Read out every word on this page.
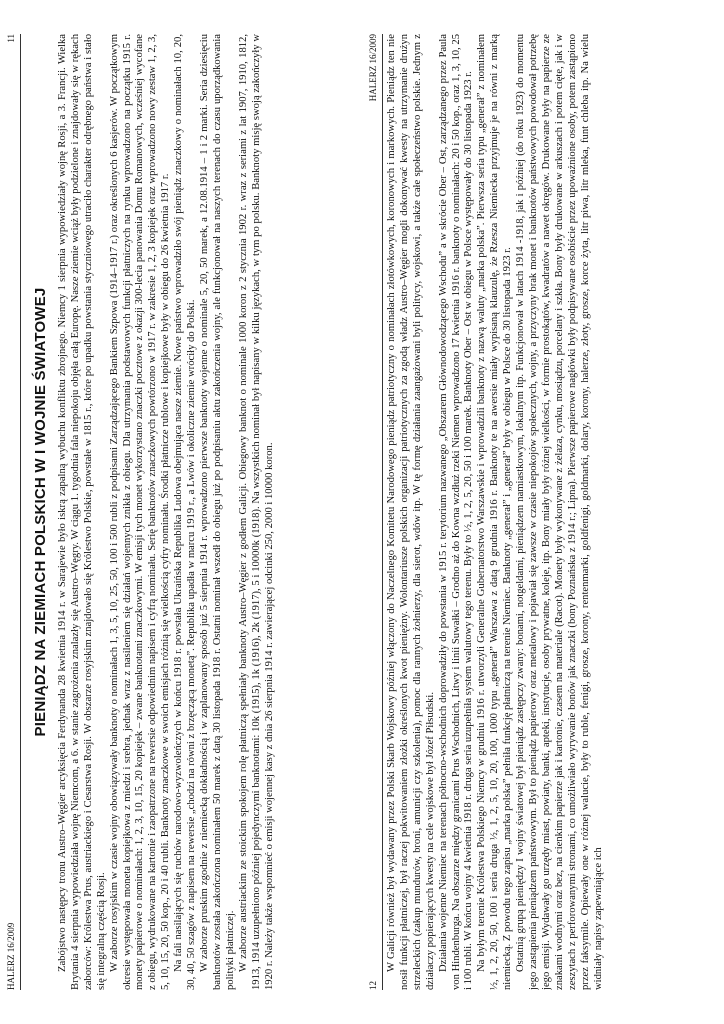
HALERZ 16/2009
11
PIENIĄDZ NA ZIEMIACH POLSKICH W I WOJNIE ŚWIATOWEJ Zabójstwo następcy tronu Austro–Węgier arcyksięcia Ferdynanda 28 kwietnia 1914 r. w Sarajewie było iskrą zapalną wybuchu konfliktu zbrojnego. Niemcy 1 sierpnia wypowiedziały wojnę Rosji, a 3. Francji. Wielka Brytania 4 sierpnia wypowiedziała wojnę Niemcom, a 6. w stanie zagrożenia znalazły się Austro–Węgry. W ciągu 1. tygodnia fala niepokoju objęła całą Europę. Nasze ziemie wciąż były podzielone i znajdowały się w rękach zaborców: Królestwa Prus, austriackiego i Cesarstwa Rosji. W obszarze rosyjskim znajdowało się Królestwo Polskie, powstałe w 1815 r., które po upadku powstania styczniowego utraciło charakter odrębnego państwa i stało się integralną częścią Rosji. W zaborze rosyjskim w czasie wojny obowiązywały banknoty o nominałach 1, 3, 5, 10, 25, 50, 100 i 500 rubli z podpisami Zarządzającego Bankiem Szpowa (1914–1917 r.) oraz określonych 6 kasjerów. W początkowym okresie występowała moneta kopiejkowa z miedzi i srebra, jednak wraz z nasileniem się działań wojennych znikła z obiegu. Dla utrzymania podstawowych funkcji płatniczych na rynku wprowadzono na początku 1915 r. monety papierowe o nominałach: 1, 2, 3, 10, 15, 20 kopiejek – zwane banknotami znaczkowymi. W emisji tych monet wykorzystano znaczki pocztowe z okazji 300-lecia panowania Domu Romanowych, wcześniej wycofane z obiegu, wydrukowane na kartonie i zaopatrzone na rewersie odpowiednim napisem i cyfrą nominału. Serię banknotów znaczkowych powtórzono w 1917 r. w zakresie 1, 2, 3 kopiejek oraz wprowadzono nowy zestaw 1, 2, 3, 5, 10, 15, 20, 50 kop., 20 i 40 rubli. Banknoty znaczkowe w swoich emisjach różnią się wielkością cyfry nominału. Środki płatnicze rublowe i kopiejkowe były w obiegu do 26 kwietnia 1917 r. Na fali nasilających się ruchów narodowo-wyzwoleńczych w końcu 1918 r. powstała Ukraińska Republika Ludowa obejmująca nasze ziemie. Nowe państwo wprowadziło swój pieniądz znaczkowy o nominałach 10, 20, 30, 40, 50 szagów z napisem na rewersie „chodzi na równi z brzęczącą monetą”. Republika upadła w marcu 1919 r., a Lwów i okoliczne ziemie wróciły do Polski. W zaborze pruskim zgodnie z niemiecką dokładnością i w zaplanowany sposób już 5 sierpnia 1914 r. wprowadzono pierwsze banknoty wojenne o nominale 5, 20, 50 marek, a 12.08.1914 – 1 i 2 marki. Seria dziesięciu banknotów została zakończona nominałem 50 marek z datą 30 listopada 1918 r. Ostatni nominał wszedł do obiegu już po podpisaniu aktu zakończenia wojny, ale funkcjonował na naszych terenach do czasu uporządkowania polityki płatniczej. W zaborze austriackim ze stoickim spokojem rolę płatniczą spełniały banknoty Austro–Węgier z godłem Galicji. Obiegowy banknot o nominale 1000 koron z 2 stycznia 1902 r. wraz z seriami z lat 1907, 1910, 1812, 1913, 1914 uzupełniono później pojedynczymi banknotami: 10k (1915), 1k (1916), 2k (1917), 5 i 10000k (1918). Na wszystkich nominał był napisany w kilku językach, w tym po polsku. Banknoty misję swoją zakończyły w 1920 r. Należy także wspomnieć o emisji wojennej kasy z dnia 26 sierpnia 1914 r. zawierającej odcinki 250, 2000 i 10000 koron.	12
HALERZ 16/2009 W Galicji również był wydawany przez Polski Skarb Wojskowy później włączony do Naczelnego Komitetu Narodowego pieniądz patriotyczny o nominałach złotówkowych, koronowych i markowych. Pieniądz ten nie nosił funkcji płatniczej, był raczej pokwitowaniem złożki określonych kwot pieniężny. Wolontariusze polskich organizacji patriotycznych za zgodą władz Austro–Węgier mogli dokonywać kwesty na utrzymanie drużyn strzeleckich (zakup mundurów, broni, amunicji czy szkolenia), pomoc dla rannych żołnierzy, dla sierot, wdów itp. W tę formę działania zaangażowani byli politycy, wojskowi, a także całe społeczeństwo polskie. Jednym z działaczy popierających kwesty na cele wojskowe był Józef Piłsudski. Działania wojenne Niemiec na terenach północno-wschodnich doprowadziły do powstania w 1915 r. terytorium nazwanego „Obszarem Głównodowodzącego Wschodu” a w skrócie Ober – Ost, zarządzanego przez Paula von Hindenburga. Na obszarze między granicami Prus Wschodnich, Litwy i linii Suwałki – Grodno aż do Kowna wzdłuż rzeki Niemen wprowadzono 17 kwietnia 1916 r. banknoty o nominałach: 20 i 50 kop., oraz 1, 3, 10, 25 i 100 rubli. W końcu wojny 4 kwietnia 1918 r. druga seria uzupełniła system walutowy tego terenu. Były to ½, 1, 2, 5, 20, 50 i 100 marek. Banknoty Ober – Ost w obiegu w Polsce występowały do 30 listopada 1923 r. Na byłym terenie Królestwa Polskiego Niemcy w grudniu 1916 r. utworzyli Generalne Gubernatorstwo Warszawskie i wprowadzili banknoty z nazwą waluty „marka polska”. Pierwsza seria typu „generał” z nominałem ½, 1, 2, 20, 50, 100 i seria druga ½, 1, 2, 5, 10, 20, 100, 1000 typu „generał” Warszawa z datą 9 grudnia 1916 r. Banknoty te na awersie miały wypisaną klauzulę, że Rzesza Niemiecka przyjmuje je na równi z marką niemiecką. Z powodu tego zapisu „marka polska” pełniła funkcję płatniczą na terenie Niemiec. Banknoty „generał” i „generał” były w obiegu w Polsce do 30 listopada 1923 r. Ostatnią grupą pieniędzy I wojny światowej był pieniądz zastępczy zwany: bonami, notgeldami, pieniądzem namiastkowym, lokalnym itp. Funkcjonował w latach 1914 -1918, jak i później (do roku 1923) do momentu jego zastąpienia pieniądzem państwowym. Był to pieniądz papierowy oraz metalowy i pojawiał się zawsze w czasie niepokojów społecznych, wojny, a przyczyny brak monet i banknotów państwowych powodował potrzebę jego emisji. Wydawały go urzędy miast, powiaty, banki, apteki, instytucje, osoby prywatne, koleje, itp. Bony miały były różnej wielkości, w formie prostokątów, kwadratów a nawet okręgów. Drukowane były na papierze ze znakami wodnymi oraz bez, na cienkim papierze jak i kartonie, czasem na materiale (Racot). Monety były wykonywane z żelaza, cynku, mosiądzu, porcelany i szkła. Bony były drukowane w arkuszach i potem cięte, jak i w zeszytach z perforowanymi stronami, co umożliwiało wyrywanie bonów jak znaczki (bony Poznańska z 1914 r.; Lipna). Pierwsze papierowe nagłówki były podpisywane osobiście przez upoważnione osoby, potem zastąpiono przez faksymile. Opiewały one w różnej walucie, były to ruble, fenigi, grosze, korony, rentenmarki, goldfenigi, goldmarki, dolary, korony, halerze, złoty, grosze, korce żyta, litr piwa, litr mleka, funt chleba itp. Na wielu widniały napisy zapewniające ich
